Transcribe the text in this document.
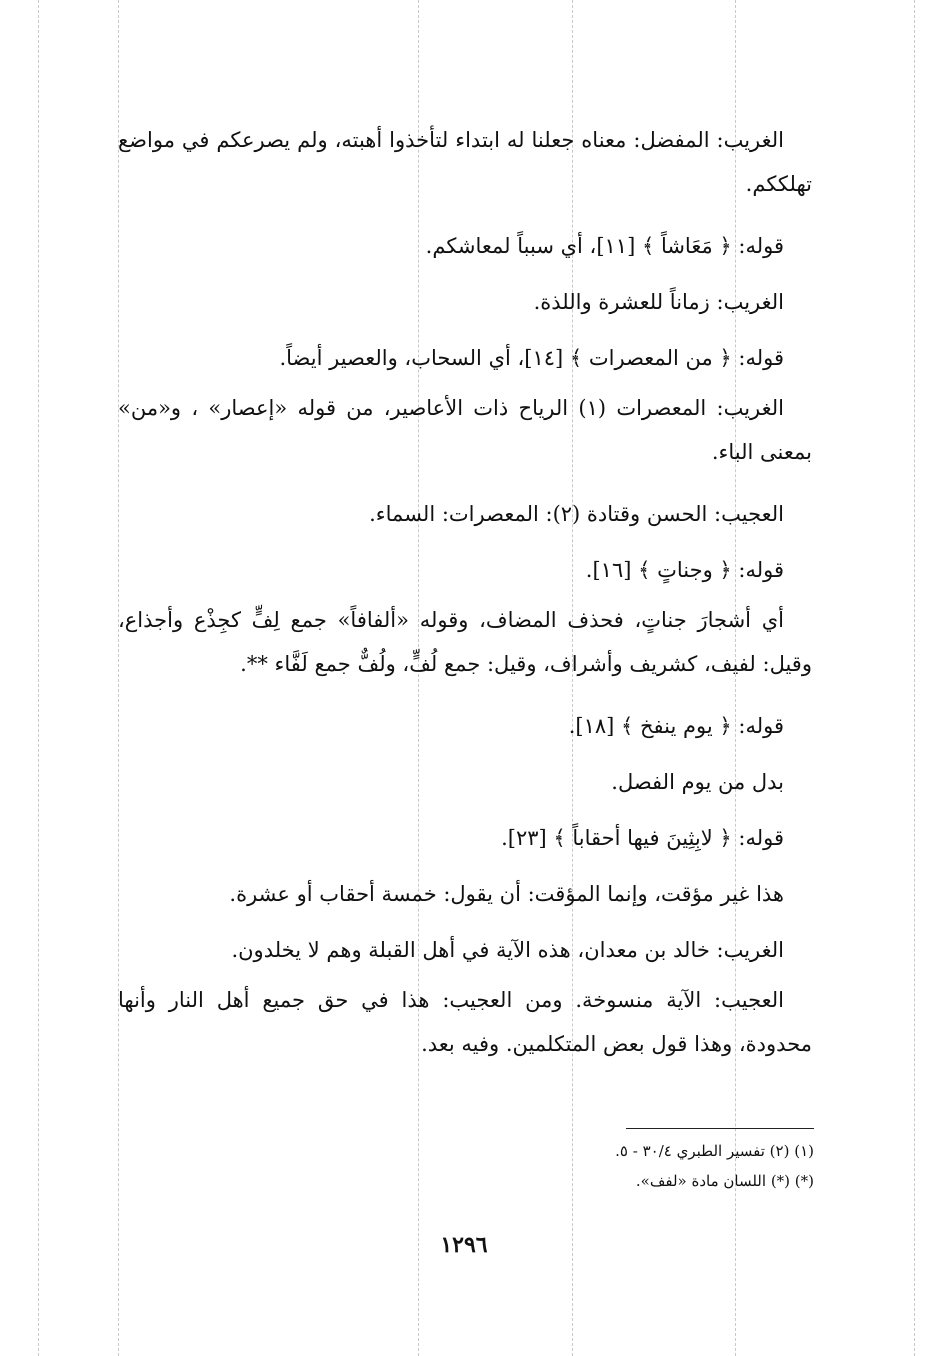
الغريب: المفضل: معناه جعلنا له ابتداء لتأخذوا أهبته، ولم يصرعكم في مواضع تهلككم.

قوله: ﴿ مَعَاشاً ﴾ [١١]، أي سبباً لمعاشكم.

الغريب: زماناً للعشرة واللذة.

قوله: ﴿ من المعصرات ﴾ [١٤]، أي السحاب، والعصير أيضاً.

الغريب: المعصرات (١) الرياح ذات الأعاصير، من قوله «إعصار» ، و«من» بمعنى الباء.

العجيب: الحسن وقتادة (٢): المعصرات: السماء.

قوله: ﴿ وجناتٍ ﴾ [١٦].

أي أشجارَ جناتٍ، فحذف المضاف، وقوله «ألفافاً» جمع لِفٍّ كجِذْع وأجذاع، وقيل: لفيف، كشريف وأشراف، وقيل: جمع لُفٍّ، ولُفٌّ جمع لَفَّاء **.

قوله: ﴿ يوم ينفخ ﴾ [١٨].

بدل من يوم الفصل.

قوله: ﴿ لابِثِينَ فيها أحقاباً ﴾ [٢٣].

هذا غير مؤقت، وإنما المؤقت: أن يقول: خمسة أحقاب أو عشرة.

الغريب: خالد بن معدان، هذه الآية في أهل القبلة وهم لا يخلدون.

العجيب: الآية منسوخة. ومن العجيب: هذا في حق جميع أهل النار وأنها محدودة، وهذا قول بعض المتكلمين. وفيه بعد.

(١) (٢) تفسير الطبري ٣٠/٤ - ٥.
(*) (*) اللسان مادة «لفف».
١٢٩٦
